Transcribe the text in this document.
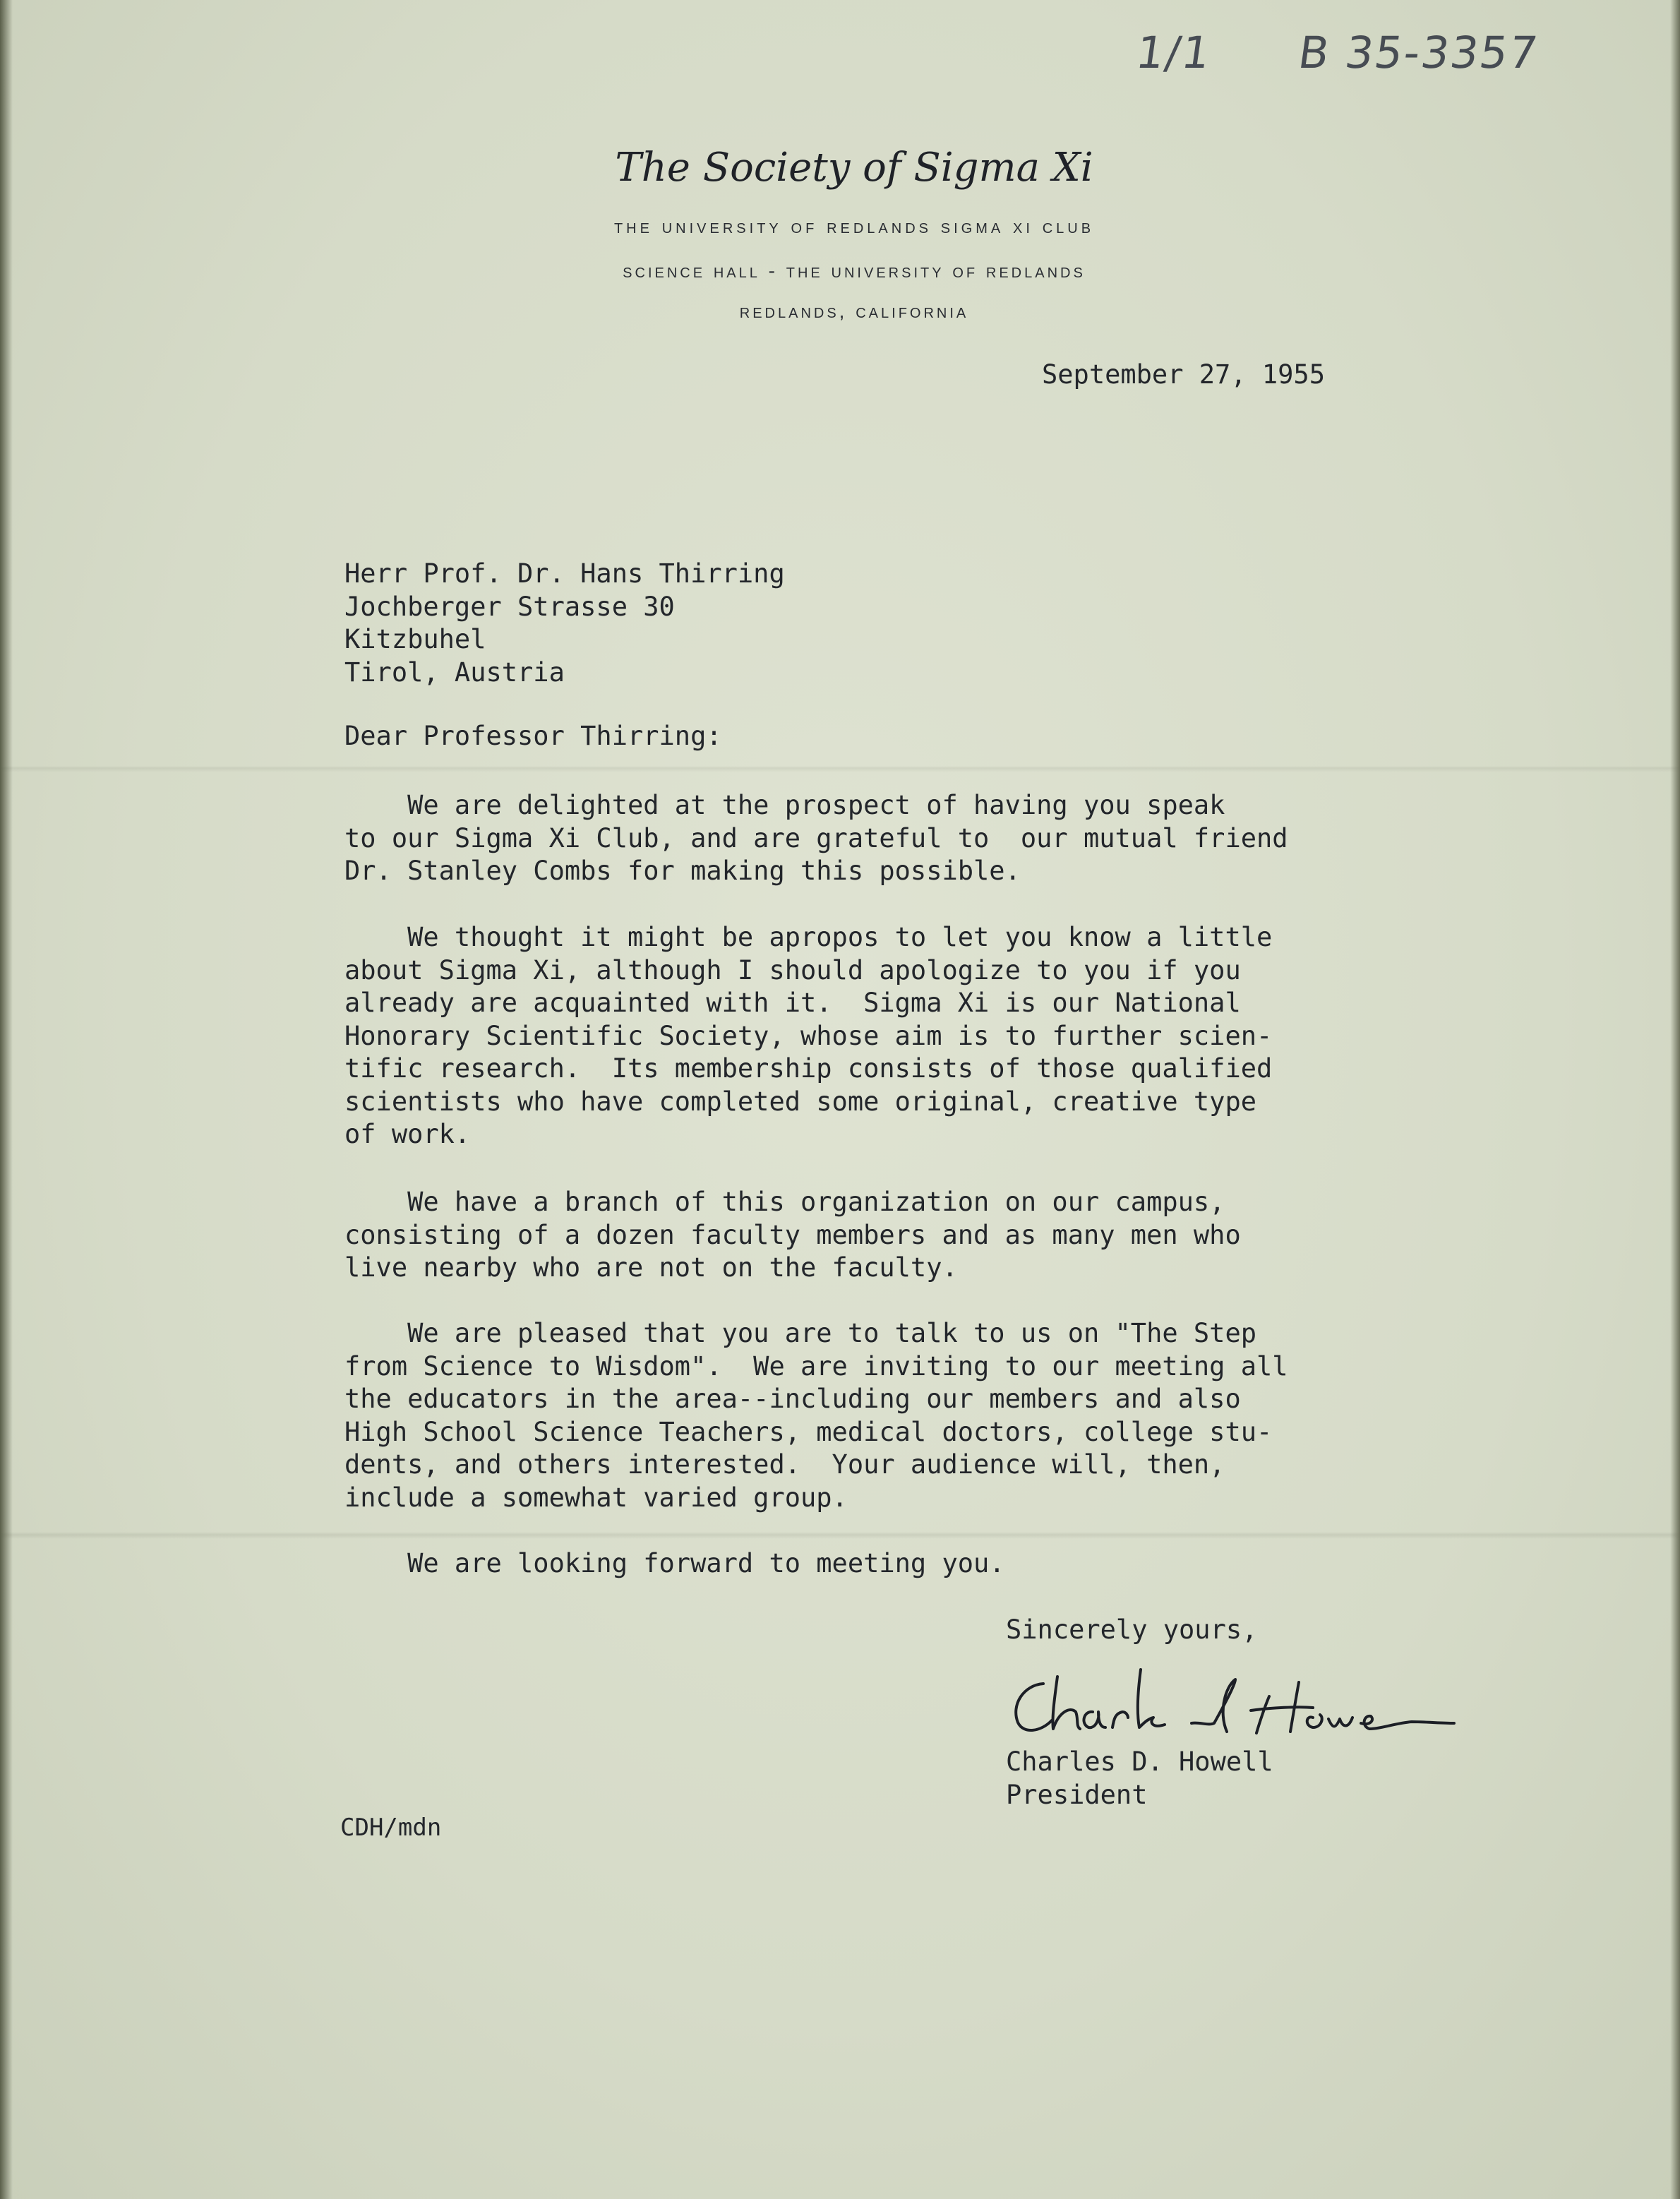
1/1 B 35-3357
The Society of Sigma Xi
the university of redlands sigma xi club
science hall - the university of redlands
redlands, california
September 27, 1955
Herr Prof. Dr. Hans Thirring
Jochberger Strasse 30
Kitzbuhel
Tirol, Austria
Dear Professor Thirring:
We are delighted at the prospect of having you speak
to our Sigma Xi Club, and are grateful to  our mutual friend
Dr. Stanley Combs for making this possible.
We thought it might be apropos to let you know a little
about Sigma Xi, although I should apologize to you if you
already are acquainted with it.  Sigma Xi is our National
Honorary Scientific Society, whose aim is to further scien-
tific research.  Its membership consists of those qualified
scientists who have completed some original, creative type
of work.
We have a branch of this organization on our campus,
consisting of a dozen faculty members and as many men who
live nearby who are not on the faculty.
We are pleased that you are to talk to us on "The Step
from Science to Wisdom".  We are inviting to our meeting all
the educators in the area--including our members and also
High School Science Teachers, medical doctors, college stu-
dents, and others interested.  Your audience will, then,
include a somewhat varied group.
We are looking forward to meeting you.
Sincerely yours,
Charles D. Howell
President
CDH/mdn
